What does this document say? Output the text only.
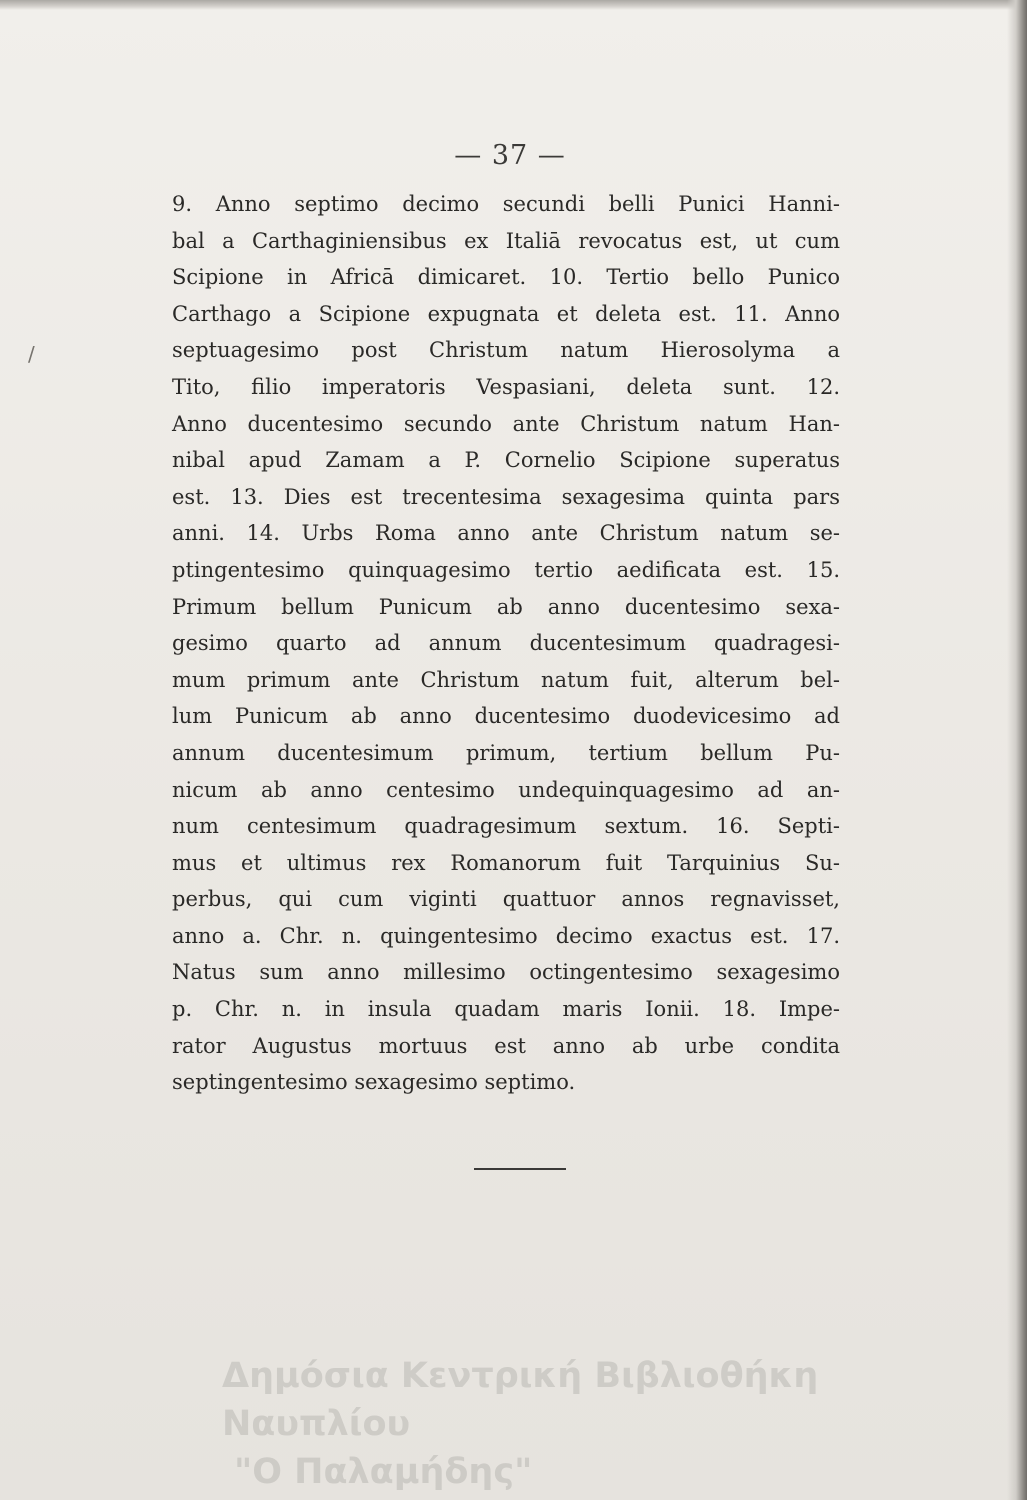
— 37 —
/
9. Anno septimo decimo secundi belli Punici Hanni-
bal a Carthaginiensibus ex Italiā revocatus est, ut cum
Scipione in Africā dimicaret. 10. Tertio bello Punico
Carthago a Scipione expugnata et deleta est. 11. Anno
septuagesimo post Christum natum Hierosolyma a
Tito, filio imperatoris Vespasiani, deleta sunt. 12.
Anno ducentesimo secundo ante Christum natum Han-
nibal apud Zamam a P. Cornelio Scipione superatus
est. 13. Dies est trecentesima sexagesima quinta pars
anni. 14. Urbs Roma anno ante Christum natum se-
ptingentesimo quinquagesimo tertio aedificata est. 15.
Primum bellum Punicum ab anno ducentesimo sexa-
gesimo quarto ad annum ducentesimum quadragesi-
mum primum ante Christum natum fuit, alterum bel-
lum Punicum ab anno ducentesimo duodevicesimo ad
annum ducentesimum primum, tertium bellum Pu-
nicum ab anno centesimo undequinquagesimo ad an-
num centesimum quadragesimum sextum. 16. Septi-
mus et ultimus rex Romanorum fuit Tarquinius Su-
perbus, qui cum viginti quattuor annos regnavisset,
anno a. Chr. n. quingentesimo decimo exactus est. 17.
Natus sum anno millesimo octingentesimo sexagesimo
p. Chr. n. in insula quadam maris Ionii. 18. Impe-
rator Augustus mortuus est anno ab urbe condita
septingentesimo sexagesimo septimo.
Δημόσια Κεντρική Βιβλιοθήκη Ναυπλίου
"Ο Παλαμήδης"
